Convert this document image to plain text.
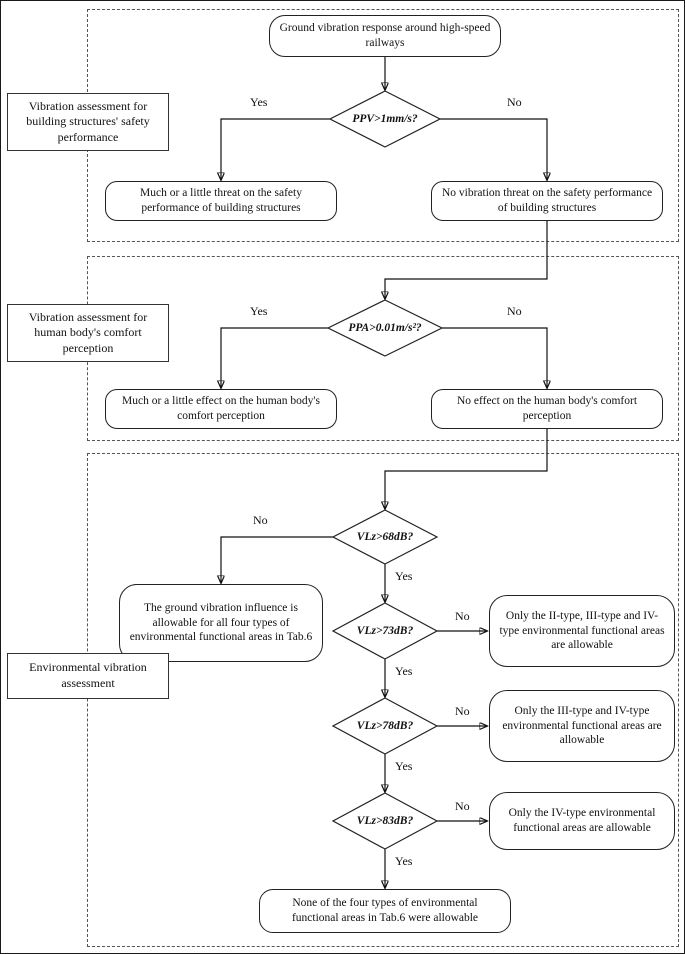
Vibration assessment for building structures' safety performance
Vibration assessment for human body's comfort perception
Environmental vibration assessment
Ground vibration response around high-speed railways
Much or a little threat on the safety performance of building structures
No vibration threat on the safety performance of building structures
Much or a little effect on the human body's comfort perception
No effect on the human body's comfort perception
The ground vibration influence is allowable for all four types of environmental functional areas in Tab.6
Only the II-type, III-type and IV-type environmental functional areas are allowable
Only the III-type and IV-type environmental functional areas are allowable
Only the IV-type environmental functional areas are allowable
None of the four types of environmental functional areas in Tab.6 were allowable
PPV>1mm/s?
PPA>0.01m/s²?
VLz>68dB?
VLz>73dB?
VLz>78dB?
VLz>83dB?
Yes	No
Yes	No
No
Yes
No
Yes
No
Yes
No
Yes
